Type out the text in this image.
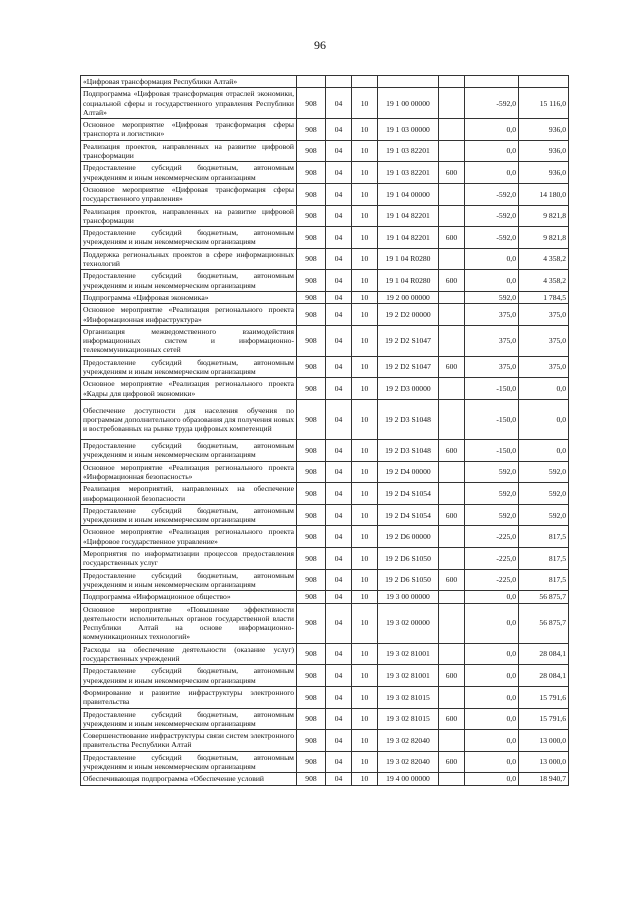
96
«Цифровая трансформация Республики Алтай»							
Подпрограмма «Цифровая трансформация отраслей экономики, социальной сферы и государственного управления Республики Алтай»	908	04	10	19 1 00 00000		-592,0	15 116,0
Основное мероприятие «Цифровая трансформация сферы транспорта и логистики»	908	04	10	19 1 03 00000		0,0	936,0
Реализация проектов, направленных на развитие цифровой трансформации	908	04	10	19 1 03 82201		0,0	936,0
Предоставление субсидий бюджетным, автономным учреждениям и иным некоммерческим организациям	908	04	10	19 1 03 82201	600	0,0	936,0
Основное мероприятие «Цифровая трансформация сферы государственного управления»	908	04	10	19 1 04 00000		-592,0	14 180,0
Реализация проектов, направленных на развитие цифровой трансформации	908	04	10	19 1 04 82201		-592,0	9 821,8
Предоставление субсидий бюджетным, автономным учреждениям и иным некоммерческим организациям	908	04	10	19 1 04 82201	600	-592,0	9 821,8
Поддержка региональных проектов в сфере информационных технологий	908	04	10	19 1 04 R0280		0,0	4 358,2
Предоставление субсидий бюджетным, автономным учреждениям и иным некоммерческим организациям	908	04	10	19 1 04 R0280	600	0,0	4 358,2
Подпрограмма «Цифровая экономика»	908	04	10	19 2 00 00000		592,0	1 784,5
Основное мероприятие «Реализация регионального проекта «Информационная инфраструктура»	908	04	10	19 2 D2 00000		375,0	375,0
Организация межведомственного взаимодействия информационных систем и информационно-телекоммуникационных сетей	908	04	10	19 2 D2 S1047		375,0	375,0
Предоставление субсидий бюджетным, автономным учреждениям и иным некоммерческим организациям	908	04	10	19 2 D2 S1047	600	375,0	375,0
Основное мероприятие «Реализация регионального проекта «Кадры для цифровой экономики»	908	04	10	19 2 D3 00000		-150,0	0,0
Обеспечение доступности для населения обучения по программам дополнительного образования для получения новых и востребованных на рынке труда цифровых компетенций	908	04	10	19 2 D3 S1048		-150,0	0,0
Предоставление субсидий бюджетным, автономным учреждениям и иным некоммерческим организациям	908	04	10	19 2 D3 S1048	600	-150,0	0,0
Основное мероприятие «Реализация регионального проекта «Информационная безопасность»	908	04	10	19 2 D4 00000		592,0	592,0
Реализация мероприятий, направленных на обеспечение информационной безопасности	908	04	10	19 2 D4 S1054		592,0	592,0
Предоставление субсидий бюджетным, автономным учреждениям и иным некоммерческим организациям	908	04	10	19 2 D4 S1054	600	592,0	592,0
Основное мероприятие «Реализация регионального проекта «Цифровое государственное управление»	908	04	10	19 2 D6 00000		-225,0	817,5
Мероприятия по информатизации процессов предоставления государственных услуг	908	04	10	19 2 D6 S1050		-225,0	817,5
Предоставление субсидий бюджетным, автономным учреждениям и иным некоммерческим организациям	908	04	10	19 2 D6 S1050	600	-225,0	817,5
Подпрограмма «Информационное общество»	908	04	10	19 3 00 00000		0,0	56 875,7
Основное мероприятие «Повышение эффективности деятельности исполнительных органов государственной власти Республики Алтай на основе информационно-коммуникационных технологий»	908	04	10	19 3 02 00000		0,0	56 875,7
Расходы на обеспечение деятельности (оказание услуг) государственных учреждений	908	04	10	19 3 02 81001		0,0	28 084,1
Предоставление субсидий бюджетным, автономным учреждениям и иным некоммерческим организациям	908	04	10	19 3 02 81001	600	0,0	28 084,1
Формирование и развитие инфраструктуры электронного правительства	908	04	10	19 3 02 81015		0,0	15 791,6
Предоставление субсидий бюджетным, автономным учреждениям и иным некоммерческим организациям	908	04	10	19 3 02 81015	600	0,0	15 791,6
Совершенствование инфраструктуры связи систем электронного правительства Республики Алтай	908	04	10	19 3 02 82040		0,0	13 000,0
Предоставление субсидий бюджетным, автономным учреждениям и иным некоммерческим организациям	908	04	10	19 3 02 82040	600	0,0	13 000,0
Обеспечивающая подпрограмма «Обеспечение условий	908	04	10	19 4 00 00000		0,0	18 940,7
